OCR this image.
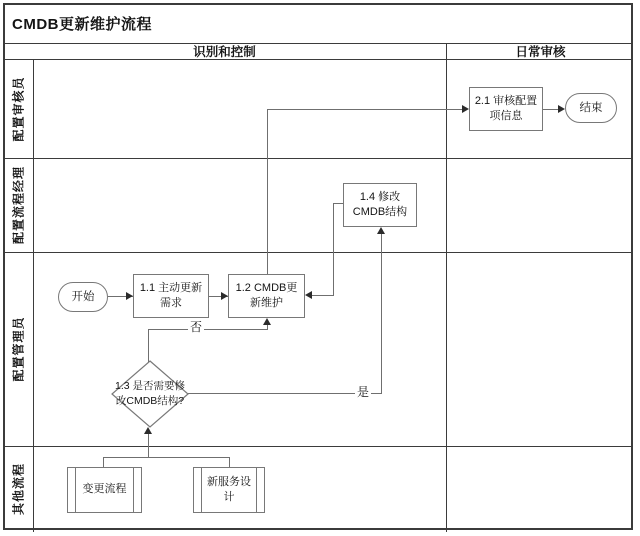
CMDB更新维护流程
识别和控制	日常审核
配置审核员
配置流程经理
配置管理员
其他流程
否
是
开始
1.1 主动更新需求
1.2 CMDB更新维护
1.4 修改CMDB结构
2.1 审核配置项信息
结束
1.3 是否需要修改CMDB结构?
变更流程
新服务设计
